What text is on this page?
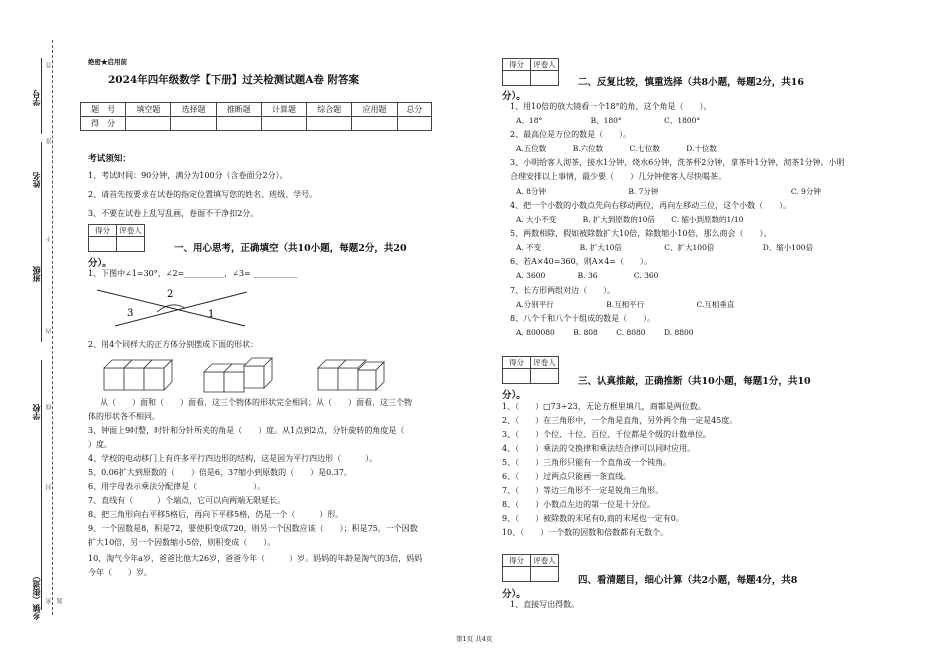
学号
姓名
班级
学校
乡镇（街道）
答
准
不
内
线
封
密 题
绝密★启用前
2024年四年级数学【下册】过关检测试题A卷 附答案
题　号	填空题	选择题	推断题	计算题	综合题	应用题	总分
得　分							
考试须知：
1、考试时间：90分钟，满分为100分（含卷面分2分）。
2、请首先按要求在试卷的指定位置填写您的姓名、班级、学号。
3、不要在试卷上乱写乱画，卷面不干净扣2分。
得分	评卷人

一、用心思考，正确填空（共10小题，每题2分，共20
分）。
1、下图中∠1=30°，∠2=__________，∠3= ___________
2
3	1
2、用4个同样大的正方体分别摆成下面的形状：
从（　　）面和（　　）面看，这三个物体的形状完全相同；从（　　）面看，这三个物
体的形状各不相同。
3、钟面上9时整，时针和分针所夹的角是（　　）度。从1点到2点，分针旋转的角度是（
）度。
4、学校的电动移门上有许多平行四边形的结构，这是因为平行四边形（　　　）。
5、0.06扩大到原数的（　　）倍是6，37缩小到原数的（　　）是0.37。
6、用字母表示乘法分配律是（　　　　　　　）。
7、直线有（　　　）个端点，它可以向两端无限延长。
8、把三角形向右平移5格后，再向下平移5格，仍是一个（　　　）形。
9、一个因数是8，积是72，要使积变成720，则另一个因数应该（　　）；积是75，一个因数
扩大10倍，另一个因数缩小5倍，则积变成（　　）。
10、淘气今年a岁，爸爸比他大26岁，爸爸今年（　　　）岁。妈妈的年龄是淘气的3倍，妈妈
今年（　　）岁。
得分	评卷人

二、反复比较，慎重选择（共8小题，每题2分，共16
分）。
1、用10倍的放大镜看一个18°的角，这个角是（　　）。
A、18°	B、180°	C、1800°
2、最高位是万位的数是（　　）。
A.五位数	B.六位数	C.七位数	D.十位数
3、小明给客人沏茶，接水1分钟，烧水6分钟，洗茶杯2分钟，拿茶叶1分钟，沏茶1分钟。小明
合理安排以上事情，最少要（　　）几分钟使客人尽快喝茶。
A. 8分钟	B. 7分钟	C. 9分钟
4、把一个小数的小数点先向右移动两位，再向左移动三位，这个小数（　　）。
A. 大小不变	B. 扩大到原数的10倍 C. 缩小到原数的1/10
5、两数相除，假如被除数扩大10倍，除数缩小10倍，那么商会（　　）。
A. 不变	B. 扩大10倍	C、扩大100倍	D、缩小100倍
6、若A×40=360，则A×4=（　　）。
A. 3600	B. 36	C. 360
7、长方形两组对边（　　）。
A.分别平行	B.互相平行	C.互相垂直
8、八个千和八个十组成的数是（　　）。
A. 800080 B. 808 C. 8080 D. 8800
得分	评卷人

三、认真推敲，正确推断（共10小题，每题1分，共10
分）。
1、（　　）□73÷23，无论方框里填几，商都是两位数。
2、（　　）在三角形中，一个角是直角，另外两个角一定是45度。
3、（　　）个位、十位、百位、千位都是个级的计数单位。
4、（　　）乘法的交换律和乘法结合律可以同时应用。
5、（　　）三角形只能有一个直角或一个钝角。
6、（　　）过两点只能画一条直线。
7、（　　）等边三角形不一定是锐角三角形。
8、（　　）小数点左边的第一位是十分位。
9、（　　）被除数的末尾有0,商的末尾也一定有0。
10、（　　）一个数的因数和倍数都有无数个。
得分	评卷人

四、看清题目，细心计算（共2小题，每题4分，共8
分）。
1、直接写出得数。
第1页 共4页
